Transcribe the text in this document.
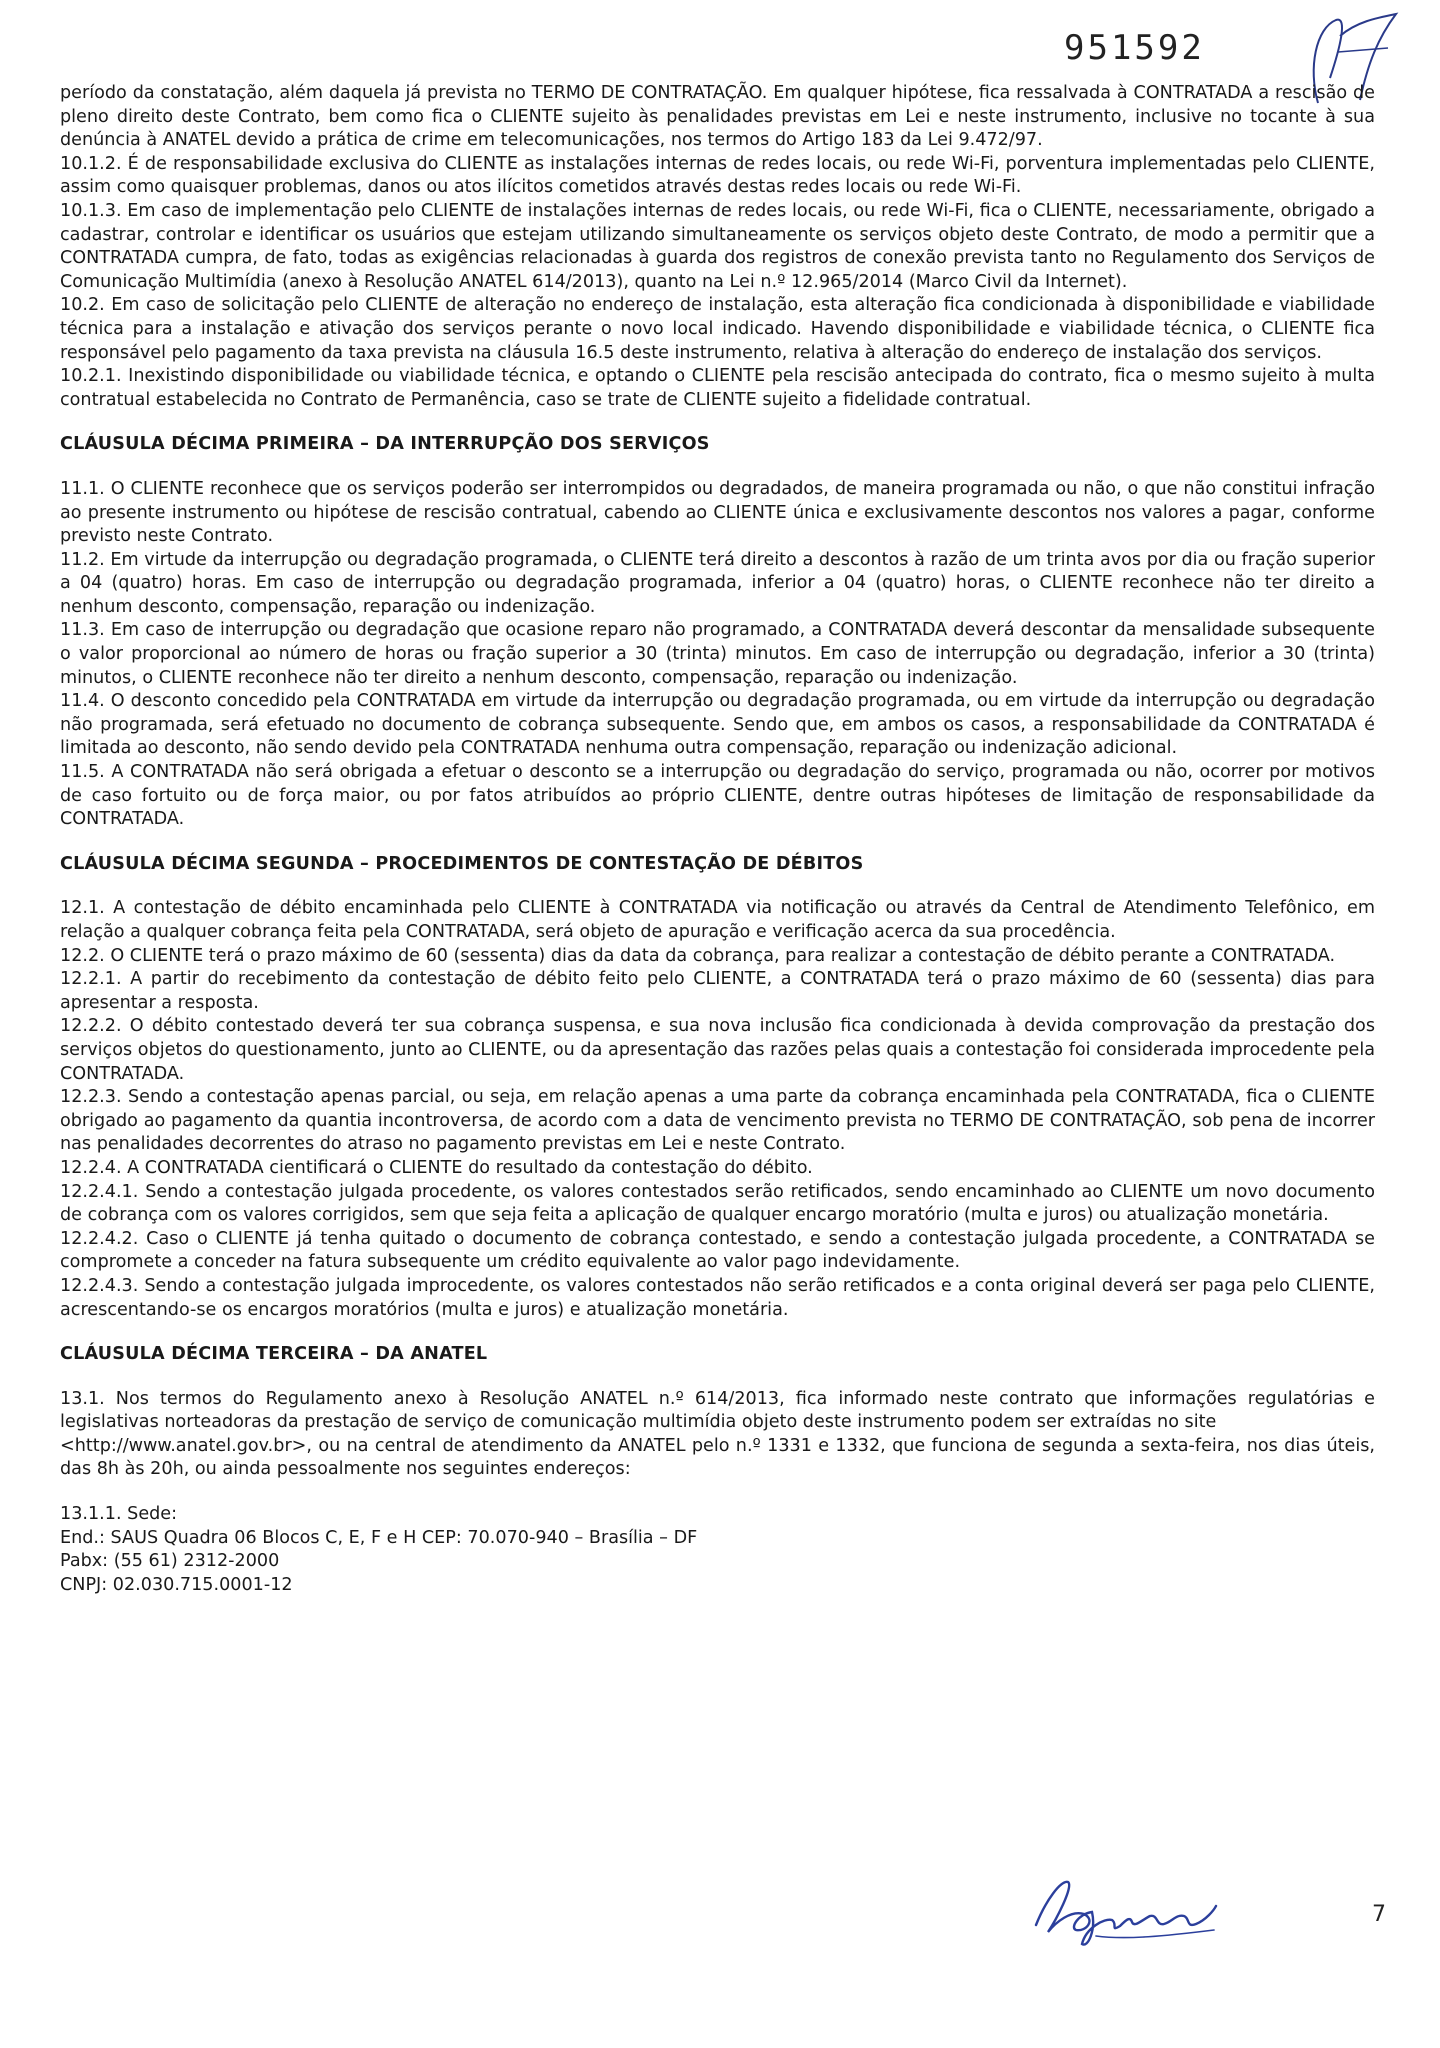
951592

período da constatação, além daquela já prevista no TERMO DE CONTRATAÇÃO. Em qualquer hipótese, fica ressalvada à CONTRATADA a rescisão de pleno direito deste Contrato, bem como fica o CLIENTE sujeito às penalidades previstas em Lei e neste instrumento, inclusive no tocante à sua denúncia à ANATEL devido a prática de crime em telecomunicações, nos termos do Artigo 183 da Lei 9.472/97.

10.1.2. É de responsabilidade exclusiva do CLIENTE as instalações internas de redes locais, ou rede Wi-Fi, porventura implementadas pelo CLIENTE, assim como quaisquer problemas, danos ou atos ilícitos cometidos através destas redes locais ou rede Wi-Fi.

10.1.3. Em caso de implementação pelo CLIENTE de instalações internas de redes locais, ou rede Wi-Fi, fica o CLIENTE, necessariamente, obrigado a cadastrar, controlar e identificar os usuários que estejam utilizando simultaneamente os serviços objeto deste Contrato, de modo a permitir que a CONTRATADA cumpra, de fato, todas as exigências relacionadas à guarda dos registros de conexão prevista tanto no Regulamento dos Serviços de Comunicação Multimídia (anexo à Resolução ANATEL 614/2013), quanto na Lei n.º 12.965/2014 (Marco Civil da Internet).

10.2. Em caso de solicitação pelo CLIENTE de alteração no endereço de instalação, esta alteração fica condicionada à disponibilidade e viabilidade técnica para a instalação e ativação dos serviços perante o novo local indicado. Havendo disponibilidade e viabilidade técnica, o CLIENTE fica responsável pelo pagamento da taxa prevista na cláusula 16.5 deste instrumento, relativa à alteração do endereço de instalação dos serviços.

10.2.1. Inexistindo disponibilidade ou viabilidade técnica, e optando o CLIENTE pela rescisão antecipada do contrato, fica o mesmo sujeito à multa contratual estabelecida no Contrato de Permanência, caso se trate de CLIENTE sujeito a fidelidade contratual.

CLÁUSULA DÉCIMA PRIMEIRA – DA INTERRUPÇÃO DOS SERVIÇOS

11.1. O CLIENTE reconhece que os serviços poderão ser interrompidos ou degradados, de maneira programada ou não, o que não constitui infração ao presente instrumento ou hipótese de rescisão contratual, cabendo ao CLIENTE única e exclusivamente descontos nos valores a pagar, conforme previsto neste Contrato.

11.2. Em virtude da interrupção ou degradação programada, o CLIENTE terá direito a descontos à razão de um trinta avos por dia ou fração superior a 04 (quatro) horas. Em caso de interrupção ou degradação programada, inferior a 04 (quatro) horas, o CLIENTE reconhece não ter direito a nenhum desconto, compensação, reparação ou indenização.

11.3. Em caso de interrupção ou degradação que ocasione reparo não programado, a CONTRATADA deverá descontar da mensalidade subsequente o valor proporcional ao número de horas ou fração superior a 30 (trinta) minutos. Em caso de interrupção ou degradação, inferior a 30 (trinta) minutos, o CLIENTE reconhece não ter direito a nenhum desconto, compensação, reparação ou indenização.

11.4. O desconto concedido pela CONTRATADA em virtude da interrupção ou degradação programada, ou em virtude da interrupção ou degradação não programada, será efetuado no documento de cobrança subsequente. Sendo que, em ambos os casos, a responsabilidade da CONTRATADA é limitada ao desconto, não sendo devido pela CONTRATADA nenhuma outra compensação, reparação ou indenização adicional.

11.5. A CONTRATADA não será obrigada a efetuar o desconto se a interrupção ou degradação do serviço, programada ou não, ocorrer por motivos de caso fortuito ou de força maior, ou por fatos atribuídos ao próprio CLIENTE, dentre outras hipóteses de limitação de responsabilidade da CONTRATADA.

CLÁUSULA DÉCIMA SEGUNDA – PROCEDIMENTOS DE CONTESTAÇÃO DE DÉBITOS

12.1. A contestação de débito encaminhada pelo CLIENTE à CONTRATADA via notificação ou através da Central de Atendimento Telefônico, em relação a qualquer cobrança feita pela CONTRATADA, será objeto de apuração e verificação acerca da sua procedência.

12.2. O CLIENTE terá o prazo máximo de 60 (sessenta) dias da data da cobrança, para realizar a contestação de débito perante a CONTRATADA.

12.2.1. A partir do recebimento da contestação de débito feito pelo CLIENTE, a CONTRATADA terá o prazo máximo de 60 (sessenta) dias para apresentar a resposta.

12.2.2. O débito contestado deverá ter sua cobrança suspensa, e sua nova inclusão fica condicionada à devida comprovação da prestação dos serviços objetos do questionamento, junto ao CLIENTE, ou da apresentação das razões pelas quais a contestação foi considerada improcedente pela CONTRATADA.

12.2.3. Sendo a contestação apenas parcial, ou seja, em relação apenas a uma parte da cobrança encaminhada pela CONTRATADA, fica o CLIENTE obrigado ao pagamento da quantia incontroversa, de acordo com a data de vencimento prevista no TERMO DE CONTRATAÇÃO, sob pena de incorrer nas penalidades decorrentes do atraso no pagamento previstas em Lei e neste Contrato.

12.2.4. A CONTRATADA cientificará o CLIENTE do resultado da contestação do débito.

12.2.4.1. Sendo a contestação julgada procedente, os valores contestados serão retificados, sendo encaminhado ao CLIENTE um novo documento de cobrança com os valores corrigidos, sem que seja feita a aplicação de qualquer encargo moratório (multa e juros) ou atualização monetária.

12.2.4.2. Caso o CLIENTE já tenha quitado o documento de cobrança contestado, e sendo a contestação julgada procedente, a CONTRATADA se compromete a conceder na fatura subsequente um crédito equivalente ao valor pago indevidamente.

12.2.4.3. Sendo a contestação julgada improcedente, os valores contestados não serão retificados e a conta original deverá ser paga pelo CLIENTE, acrescentando-se os encargos moratórios (multa e juros) e atualização monetária.

CLÁUSULA DÉCIMA TERCEIRA – DA ANATEL

13.1. Nos termos do Regulamento anexo à Resolução ANATEL n.º 614/2013, fica informado neste contrato que informações regulatórias e legislativas norteadoras da prestação de serviço de comunicação multimídia objeto deste instrumento podem ser extraídas no site

<http://www.anatel.gov.br>, ou na central de atendimento da ANATEL pelo n.º 1331 e 1332, que funciona de segunda a sexta-feira, nos dias úteis, das 8h às 20h, ou ainda pessoalmente nos seguintes endereços:

13.1.1. Sede:

End.: SAUS Quadra 06 Blocos C, E, F e H CEP: 70.070-940 – Brasília – DF

Pabx: (55 61) 2312-2000

CNPJ: 02.030.715.0001-12

7
